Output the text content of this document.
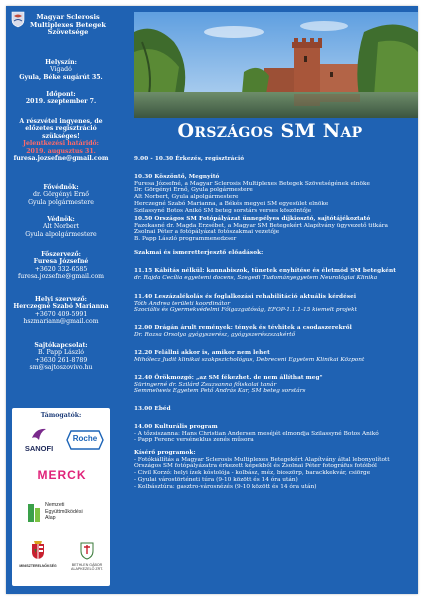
Magyar Sclerosis Multiplexes Betegek Szövetsége
Helyszín:
Vigadó
Gyula, Béke sugárút 35.
Időpont:
2019. szeptember 7.
A részvétel ingyenes, de előzetes regisztráció szükséges!
Jelentkezési határidő: 2019. augusztus 31.
furesa.jozsefne@gmail.com
Fővédnök:
dr. Görgényi Ernő
Gyula polgármestere
Védnök:
Alt Norbert
Gyula alpolgármestere
Főszervező:
Furesa Józsefné
+3620 332-6585
furesa.jozsefne@gmail.com
Helyi szervező:
Herczegné Szabó Marianna
+3670 409-5991
hszmariann@gmail.com
Sajtókapcsolat:
B. Papp László
+3630 261-8789
sm@sajtoszovivo.hu
Támogatók:
SANOFI
Roche
MERCK
Nemzeti
Együttműködési
Alap
MINISZTERELNÖKSÉG	BETHLEN GÁBOR
ALAPKEZELŐ ZRT.
ORSZÁGOS SM NAP
9.00 - 10.30 Érkezés, regisztráció
10.30 Köszöntő, Megnyitó
Furesa Józsefné, a Magyar Sclerosis Multiplexes Betegek Szövetségének elnöke
Dr. Görgényi Ernő, Gyula polgármestere
Alt Norbert, Gyula alpolgármestere
Herczegné Szabó Marianna, a Békés megyei SM egyesület elnöke
Szilassyné Botos Anikó SM beteg sorstárs verses köszöntője
10.50 Országos SM Fotópályázat ünnepélyes díjkiosztó, sajtótájékoztató
Fazekasné dr. Magda Erzsébet, a Magyar SM Betegekért Alapítvány ügyvezető titkára
Zsolnai Péter a fotópályázat fotószakmai vezetője
B. Papp László programmenedzser
Szakmai és ismeretterjesztő előadások:
11.15 Kábítás nélkül: kannabiszok, tünetek enyhítése és életmód SM betegként
dr. Rajda Cecília egyetemi docens, Szegedi Tudományegyetem Neurológiai Klinika
11.40 Leszázalékolás és foglalkozási rehabilitáció aktuális kérdései
Tóth Andrea területi koordinátor
Szociális és Gyermekvédelmi Főigazgatóság, EFOP-1.1.1-15 kiemelt projekt
12.00 Drágán árult remények: tények és tévhitek a csodaszerekről
Dr. Rozsa Orsolya gyógyszerész, gyógyszerészszakértő
12.20 Felállni akkor is, amikor nem lehet
Mihólecz Judit klinikai szakpszichológus, Debreceni Egyetem Klinikai Központ
12.40 Örökmozgó: „az SM fékezhet. de nem állíthat meg"
Süringerné dr. Szilárd Zsuzsanna főiskolai tanár
Semmelweis Egyetem Pető András Kar, SM beteg sorstárs
13.00 Ebéd
14.00 Kulturális program
- A tőzsiszanna: Hans Christian Andersen meséjét elmondja Szilassyné Botos Anikó
- Papp Ferenc verséneklus zenés műsora
Kísérő programok:
- Fotókiállítás a Magyar Sclerosis Multiplexes Betegekért Alapítvány által lebonyolított
Országos SM fotópályázatra érkezett képekből és Zsolnai Péter fotográfus fotóiból
- Civil Korzó: helyi ízek kóstolója - kolbász, méz, bioszörp, barackkekvár, csiörge
- Gyulai várostörténeti túra (9-10 között és 14 óra után)
- Kolbásztúra: gasztro-városnézés (9-10 között és 14 óra után)
